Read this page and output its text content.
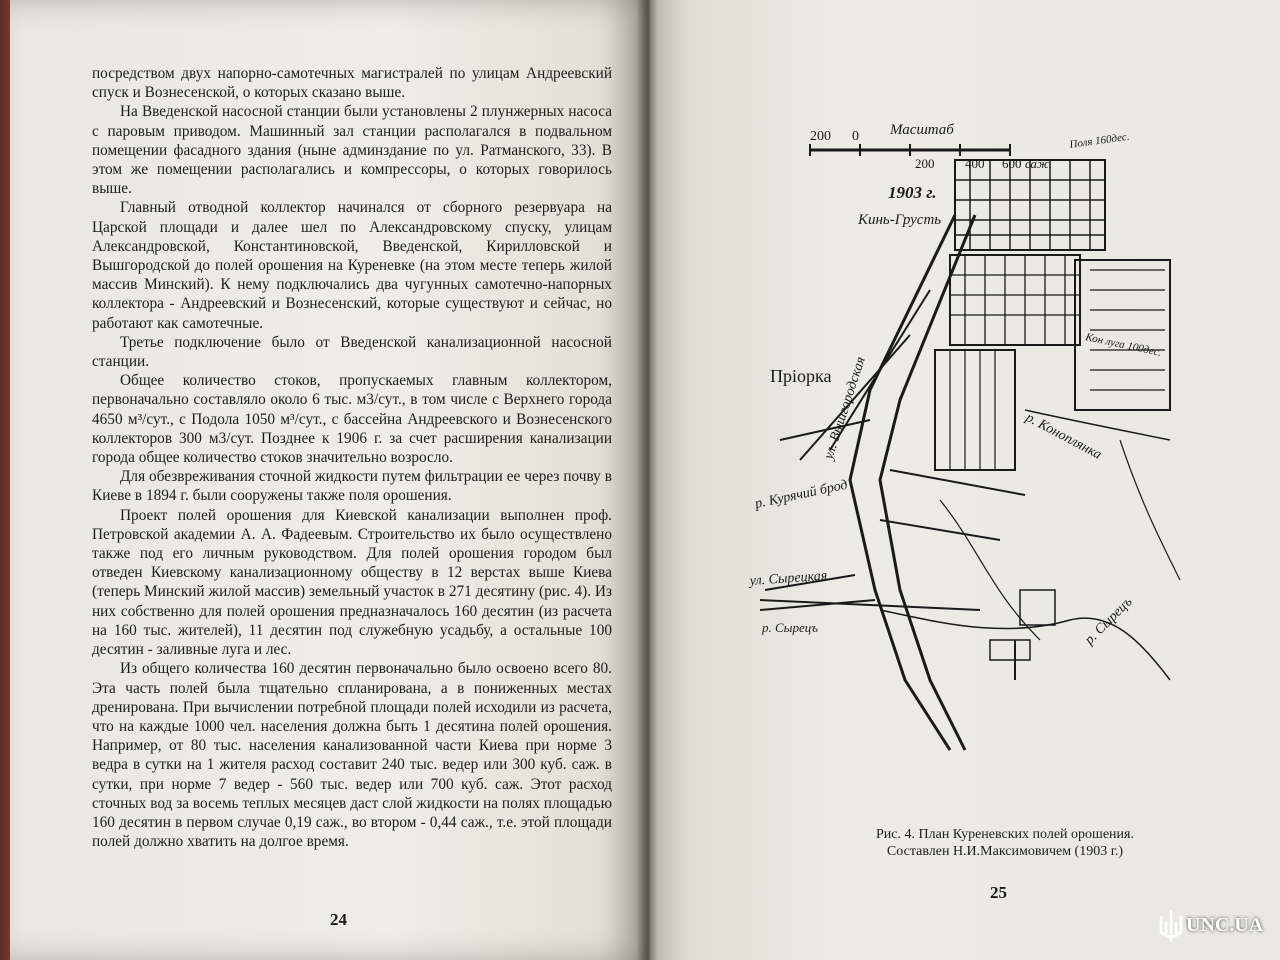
посредством двух напорно-самотечных магистралей по улицам Андреевский спуск и Вознесенской, о которых сказано выше.

На Введенской насосной станции были установлены 2 плунжерных насоса с паровым приводом. Машинный зал станции располагался в подвальном помещении фасадного здания (ныне админздание по ул. Ратманского, 33). В этом же помещении располагались и компрессоры, о которых говорилось выше.

Главный отводной коллектор начинался от сборного резервуара на Царской площади и далее шел по Александровскому спуску, улицам Александровской, Константиновской, Введенской, Кирилловской и Вышгородской до полей орошения на Куреневке (на этом месте теперь жилой массив Минский). К нему подключались два чугунных самотечно-напорных коллектора - Андреевский и Вознесенский, которые существуют и сейчас, но работают как самотечные.

Третье подключение было от Введенской канализационной насосной станции.

Общее количество стоков, пропускаемых главным коллектором, первоначально составляло около 6 тыс. м3/сут., в том числе с Верхнего города 4650 м³/сут., с Подола 1050 м³/сут., с бассейна Андреевского и Вознесенского коллекторов 300 м3/сут. Позднее к 1906 г. за счет расширения канализации города общее количество стоков значительно возросло.

Для обезвреживания сточной жидкости путем фильтрации ее через почву в Киеве в 1894 г. были сооружены также поля орошения.

Проект полей орошения для Киевской канализации выполнен проф. Петровской академии А. А. Фадеевым. Строительство их было осуществлено также под его личным руководством. Для полей орошения городом был отведен Киевскому канализационному обществу в 12 верстах выше Киева (теперь Минский жилой массив) земельный участок в 271 десятину (рис. 4). Из них собственно для полей орошения предназначалось 160 десятин (из расчета на 160 тыс. жителей), 11 десятин под служебную усадьбу, а остальные 100 десятин - заливные луга и лес.

Из общего количества 160 десятин первоначально было освоено всего 80. Эта часть полей была тщательно спланирована, а в пониженных местах дренирована. При вычислении потребной площади полей исходили из расчета, что на каждые 1000 чел. населения должна быть 1 десятина полей орошения. Например, от 80 тыс. населения канализованной части Киева при норме 3 ведра в сутки на 1 жителя расход составит 240 тыс. ведер или 300 куб. саж. в сутки, при норме 7 ведер - 560 тыс. ведер или 700 куб. саж. Этот расход сточных вод за восемь теплых месяцев даст слой жидкости на полях площадью 160 десятин в первом случае 0,19 саж., во втором - 0,44 саж., т.е. этой площади полей должно хватить на долгое время.

24
200 0 Масштаб
200 400 600 саж.
1903 г.
Кинь-Грусть
Пріорка
ул. Вышгородская
р. Курячий брод
р. Коноплянка
ул. Сырецкая
р. Сырецъ	р. Сырецъ
Поля 160дес.
Кон луга 100дес.
Рис. 4. План Куреневских полей орошения.
Составлен Н.И.Максимовичем (1903 г.)
25
UNC.UA
